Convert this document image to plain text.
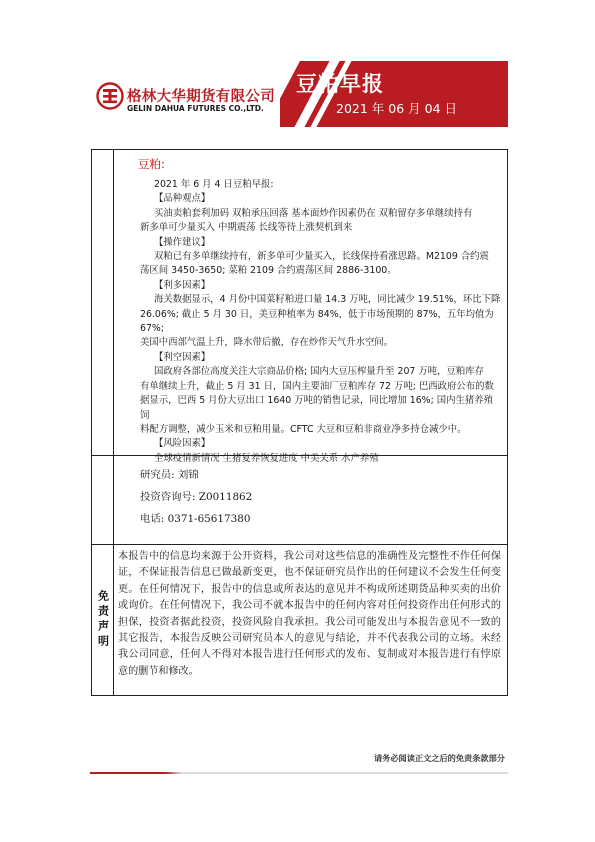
格林大华期货有限公司
GELIN DAHUA FUTURES CO.,LTD.
豆粕早报
2021 年 06 月 04 日
豆粕:

2021 年 6 月 4 日豆粕早报:

【品种观点】

买油卖粕套利加码 双粕承压回落 基本面炒作因素仍在 双粕留存多单继续持有

新多单可少量买入 中期震荡 长线等待上涨契机到来

【操作建议】

双粕已有多单继续持有，新多单可少量买入，长线保持看涨思路。M2109 合约震

荡区间 3450-3650; 菜粕 2109 合约震荡区间 2886-3100。

【利多因素】

海关数据显示，4 月份中国菜籽粕进口量 14.3 万吨，同比减少 19.51%，环比下降

26.06%; 截止 5 月 30 日，美豆种植率为 84%，低于市场预期的 87%，五年均值为 67%;

美国中西部气温上升，降水带后撤，存在炒作天气升水空间。

【利空因素】

国政府各部位高度关注大宗商品价格; 国内大豆压榨量升至 207 万吨，豆粕库存

有单继续上升，截止 5 月 31 日，国内主要油厂豆粕库存 72 万吨; 巴西政府公布的数

据显示，巴西 5 月份大豆出口 1640 万吨的销售记录，同比增加 16%; 国内生猪养殖饲

料配方调整，减少玉米和豆粕用量。CFTC 大豆和豆粕非商业净多持仓减少中。

【风险因素】

全球疫情新情况 生猪复养恢复进度 中美关系 水产养殖

研究员: 刘锦

投资咨询号: Z0011862

电话: 0371-65617380

免责声明

本报告中的信息均来源于公开资料，我公司对这些信息的准确性及完整性不作任何保证，不保证报告信息已做最新变更，也不保证研究员作出的任何建议不会发生任何变更。在任何情况下，报告中的信息或所表达的意见并不构成所述期货品种买卖的出价或询价。在任何情况下，我公司不就本报告中的任何内容对任何投资作出任何形式的担保，投资者据此投资，投资风险自我承担。我公司可能发出与本报告意见不一致的其它报告，本报告反映公司研究员本人的意见与结论，并不代表我公司的立场。未经我公司同意，任何人不得对本报告进行任何形式的发布、复制或对本报告进行有悖原意的删节和修改。

请务必阅读正文之后的免责条款部分
